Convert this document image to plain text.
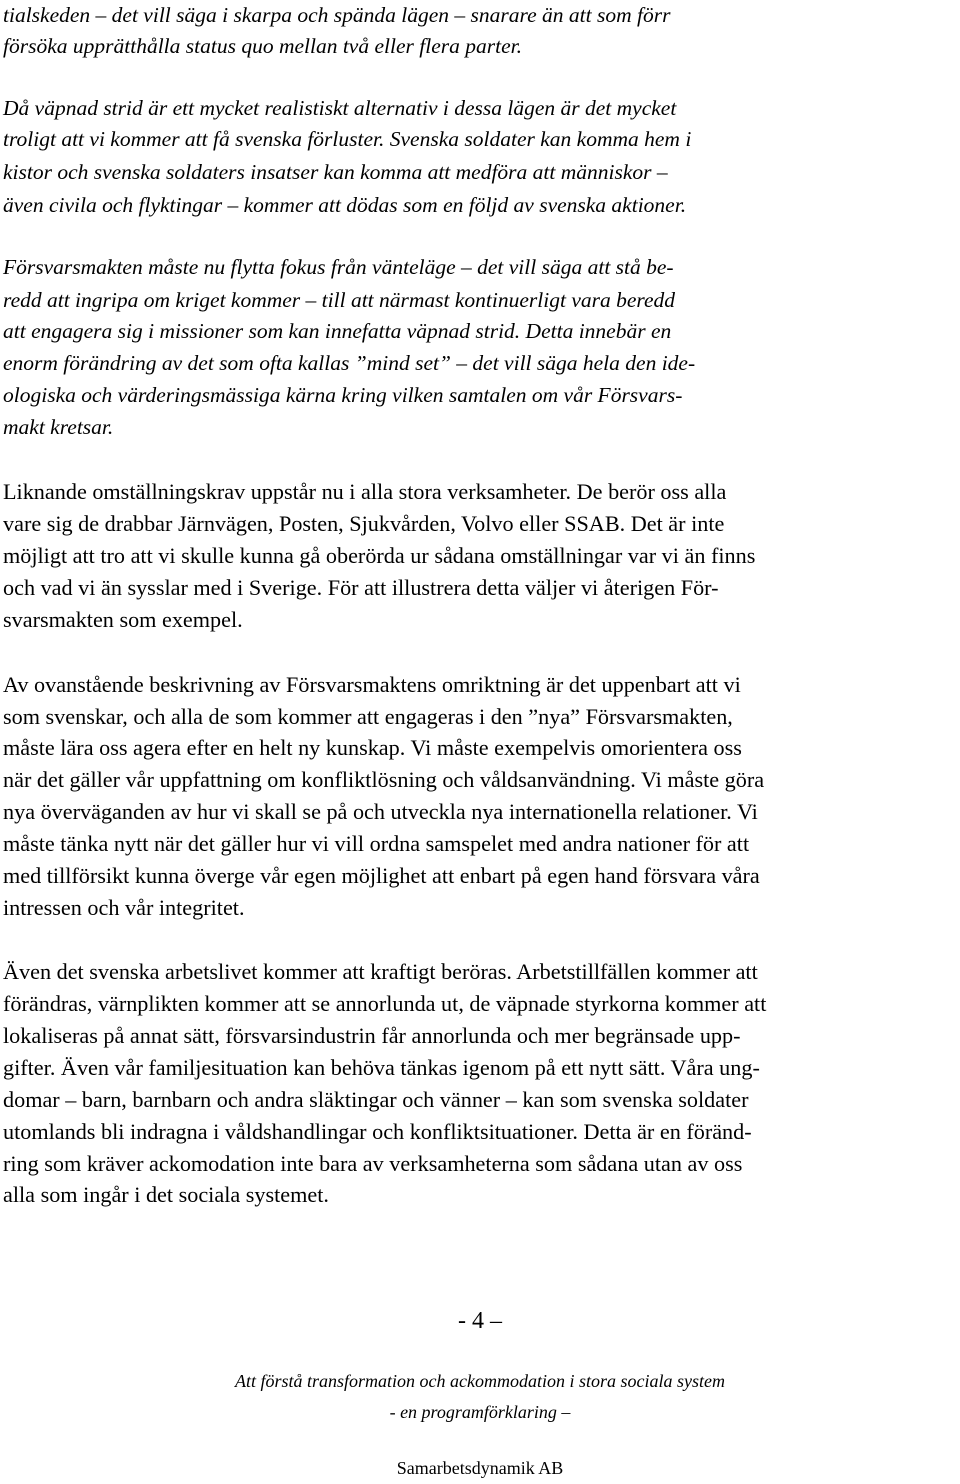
tialskeden – det vill säga i skarpa och spända lägen – snarare än att som förr
försöka upprätthålla status quo mellan två eller flera parter.
Då väpnad strid är ett mycket realistiskt alternativ i dessa lägen är det mycket
troligt att vi kommer att få svenska förluster. Svenska soldater kan komma hem i
kistor och svenska soldaters insatser kan komma att medföra att människor –
även civila och flyktingar – kommer att dödas som en följd av svenska aktioner.
Försvarsmakten måste nu flytta fokus från vänteläge – det vill säga att stå be-
redd att ingripa om kriget kommer – till att närmast kontinuerligt vara beredd
att engagera sig i missioner som kan innefatta väpnad strid. Detta innebär en
enorm förändring av det som ofta kallas ”mind set” – det vill säga hela den ide-
ologiska och värderingsmässiga kärna kring vilken samtalen om vår Försvars-
makt kretsar.
Liknande omställningskrav uppstår nu i alla stora verksamheter. De berör oss alla
vare sig de drabbar Järnvägen, Posten, Sjukvården, Volvo eller SSAB. Det är inte
möjligt att tro att vi skulle kunna gå oberörda ur sådana omställningar var vi än finns
och vad vi än sysslar med i Sverige. För att illustrera detta väljer vi återigen För-
svarsmakten som exempel.
Av ovanstående beskrivning av Försvarsmaktens omriktning är det uppenbart att vi
som svenskar, och alla de som kommer att engageras i den ”nya” Försvarsmakten,
måste lära oss agera efter en helt ny kunskap. Vi måste exempelvis omorientera oss
när det gäller vår uppfattning om konfliktlösning och våldsanvändning. Vi måste göra
nya överväganden av hur vi skall se på och utveckla nya internationella relationer. Vi
måste tänka nytt när det gäller hur vi vill ordna samspelet med andra nationer för att
med tillförsikt kunna överge vår egen möjlighet att enbart på egen hand försvara våra
intressen och vår integritet.
Även det svenska arbetslivet kommer att kraftigt beröras. Arbetstillfällen kommer att
förändras, värnplikten kommer att se annorlunda ut, de väpnade styrkorna kommer att
lokaliseras på annat sätt, försvarsindustrin får annorlunda och mer begränsade upp-
gifter. Även vår familjesituation kan behöva tänkas igenom på ett nytt sätt. Våra ung-
domar – barn, barnbarn och andra släktingar och vänner – kan som svenska soldater
utomlands bli indragna i våldshandlingar och konfliktsituationer. Detta är en föränd-
ring som kräver ackomodation inte bara av verksamheterna som sådana utan av oss
alla som ingår i det sociala systemet.
- 4 –
Att förstå transformation och ackommodation i stora sociala system
- en programförklaring –
Samarbetsdynamik AB
